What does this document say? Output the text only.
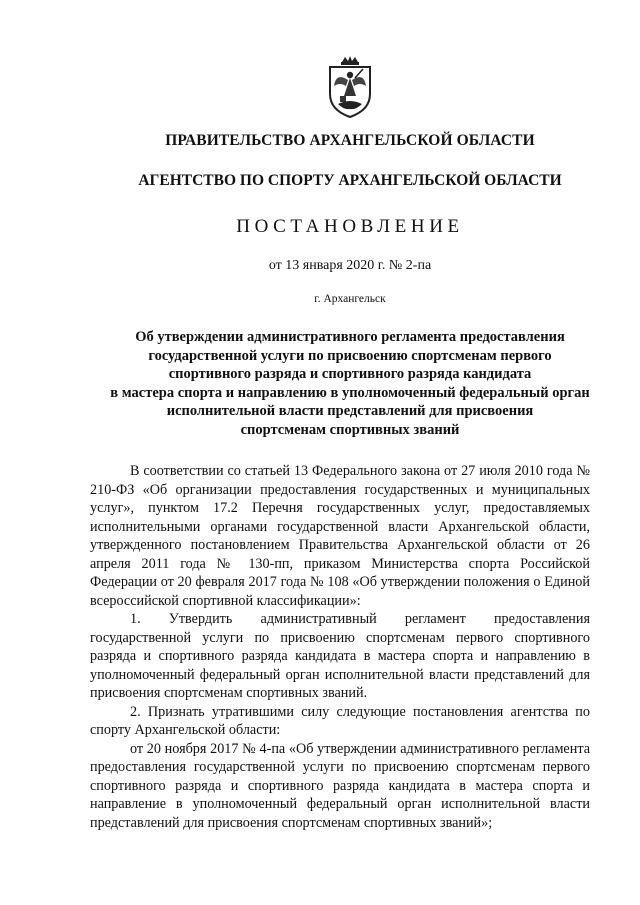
ПРАВИТЕЛЬСТВО АРХАНГЕЛЬСКОЙ ОБЛАСТИ
АГЕНТСТВО ПО СПОРТУ АРХАНГЕЛЬСКОЙ ОБЛАСТИ
ПОСТАНОВЛЕНИЕ
от 13 января 2020 г. № 2-па
г. Архангельск
Об утверждении административного регламента предоставления
государственной услуги по присвоению спортсменам первого
спортивного разряда и спортивного разряда кандидата
в мастера спорта и направлению в уполномоченный федеральный орган
исполнительной власти представлений для присвоения
спортсменам спортивных званий

В соответствии со статьей 13 Федерального закона от 27 июля 2010 года № 210-ФЗ «Об организации предоставления государственных и муниципальных услуг», пунктом 17.2 Перечня государственных услуг, предоставляемых исполнительными органами государственной власти Архангельской области, утвержденного постановлением Правительства Архангельской области от 26 апреля 2011 года № 130-пп, приказом Министерства спорта Российской Федерации от 20 февраля 2017 года № 108 «Об утверждении положения о Единой всероссийской спортивной классификации»:

1. Утвердить административный регламент предоставления государственной услуги по присвоению спортсменам первого спортивного разряда и спортивного разряда кандидата в мастера спорта и направлению в уполномоченный федеральный орган исполнительной власти представлений для присвоения спортсменам спортивных званий.

2. Признать утратившими силу следующие постановления агентства по спорту Архангельской области:

от 20 ноября 2017 № 4-па «Об утверждении административного регламента предоставления государственной услуги по присвоению спортсменам первого спортивного разряда и спортивного разряда кандидата в мастера спорта и направление в уполномоченный федеральный орган исполнительной власти представлений для присвоения спортсменам спортивных званий»;
